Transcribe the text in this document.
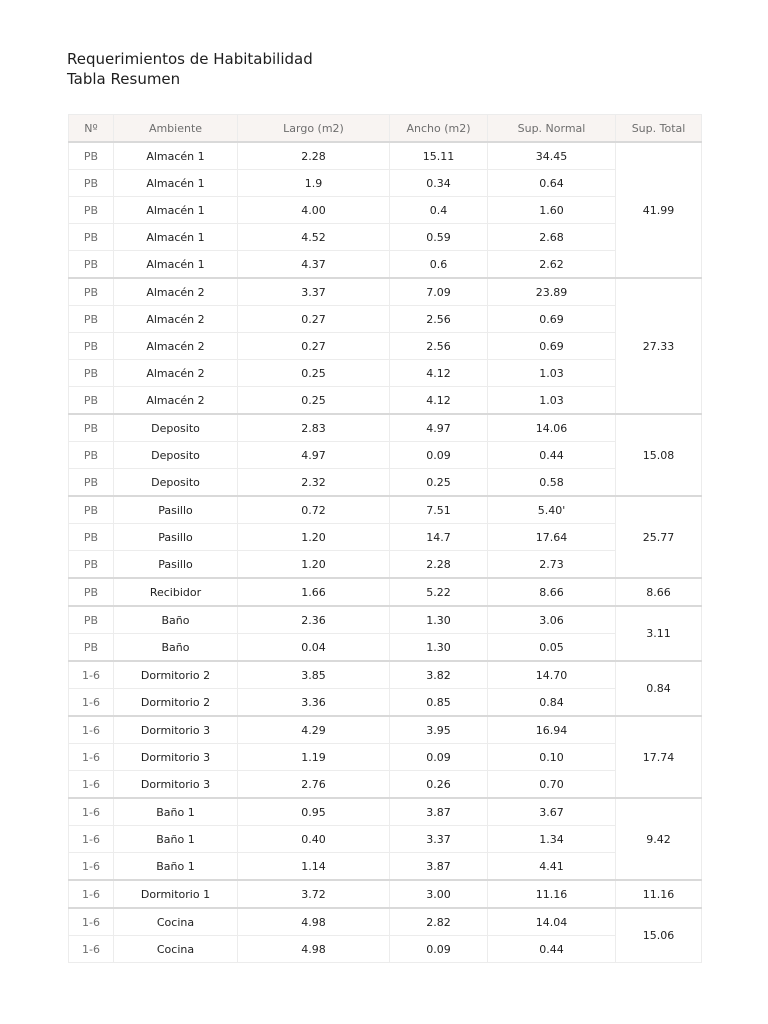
Requerimientos de Habitabilidad
Tabla Resumen
Nº	Ambiente	Largo (m2)	Ancho (m2)	Sup. Normal	Sup. Total
PB	Almacén 1	2.28	15.11	34.45	41.99
PB	Almacén 1	1.9	0.34	0.64	
PB	Almacén 1	4.00	0.4	1.60	
PB	Almacén 1	4.52	0.59	2.68	
PB	Almacén 1	4.37	0.6	2.62	
PB	Almacén 2	3.37	7.09	23.89	27.33
PB	Almacén 2	0.27	2.56	0.69	
PB	Almacén 2	0.27	2.56	0.69	
PB	Almacén 2	0.25	4.12	1.03	
PB	Almacén 2	0.25	4.12	1.03	
PB	Deposito	2.83	4.97	14.06	15.08
PB	Deposito	4.97	0.09	0.44	
PB	Deposito	2.32	0.25	0.58	
PB	Pasillo	0.72	7.51	5.40'	25.77
PB	Pasillo	1.20	14.7	17.64	
PB	Pasillo	1.20	2.28	2.73	
PB	Recibidor	1.66	5.22	8.66	8.66
PB	Baño	2.36	1.30	3.06	3.11
PB	Baño	0.04	1.30	0.05	
1-6	Dormitorio 2	3.85	3.82	14.70	0.84
1-6	Dormitorio 2	3.36	0.85	0.84	
1-6	Dormitorio 3	4.29	3.95	16.94	17.74
1-6	Dormitorio 3	1.19	0.09	0.10	
1-6	Dormitorio 3	2.76	0.26	0.70	
1-6	Baño 1	0.95	3.87	3.67	9.42
1-6	Baño 1	0.40	3.37	1.34	
1-6	Baño 1	1.14	3.87	4.41	
1-6	Dormitorio 1	3.72	3.00	11.16	11.16
1-6	Cocina	4.98	2.82	14.04	15.06
1-6	Cocina	4.98	0.09	0.44	
